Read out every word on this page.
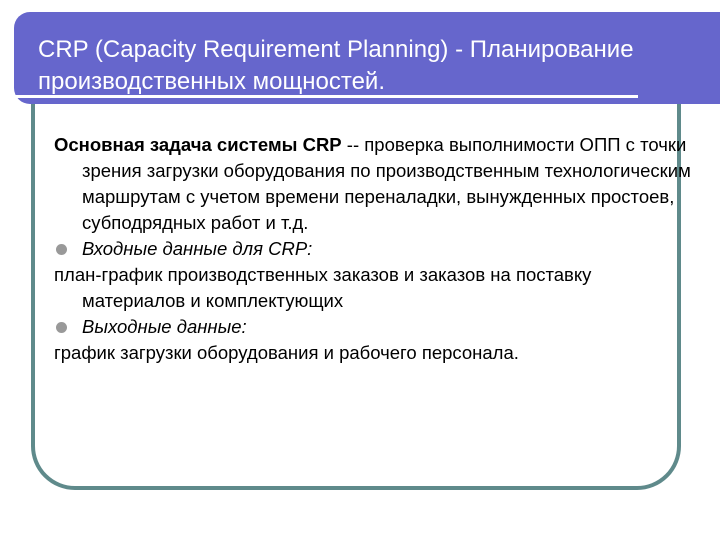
CRP (Capacity Requirement Planning) - Планирование производственных мощностей.

Основная задача системы CRP -- проверка выполнимости ОПП с точки зрения загрузки оборудования по производственным технологическим маршрутам с учетом времени переналадки, вынужденных простоев, субподрядных работ и т.д.

Входные данные для CRP:

план-график производственных заказов и заказов на поставку материалов и комплектующих

Выходные данные:

график загрузки оборудования и рабочего персонала.
